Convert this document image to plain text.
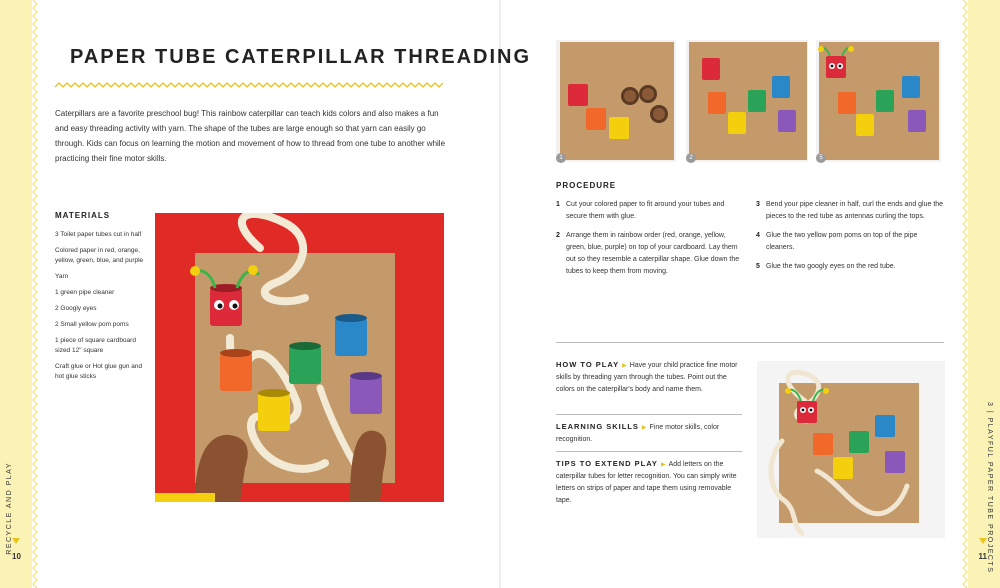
RECYCLE AND PLAY
10	3 | PLAYFUL PAPER TUBE PROJECTS
11
PAPER TUBE CATERPILLAR THREADING

Caterpillars are a favorite preschool bug! This rainbow caterpillar can teach kids colors and also makes a fun and easy threading activity with yarn. The shape of the tubes are large enough so that yarn can easily go through. Kids can focus on learning the motion and movement of how to thread from one tube to another while practicing their fine motor skills.

MATERIALS
3 Toilet paper tubes cut in half
Colored paper in red, orange, yellow, green, blue, and purple
Yarn
1 green pipe cleaner
2 Googly eyes
2 Small yellow pom poms
1 piece of square cardboard sized 12" square
Craft glue or Hot glue gun and hot glue sticks
1	2	5
PROCEDURE
1 Cut your colored paper to fit around your tubes and secure them with glue.
2 Arrange them in rainbow order (red, orange, yellow, green, blue, purple) on top of your cardboard. Lay them out so they resemble a caterpillar shape. Glue down the tubes to keep them from moving.
3 Bend your pipe cleaner in half, curl the ends and glue the pieces to the red tube as antennas curling the tops.
4 Glue the two yellow pom poms on top of the pipe cleaners.
5 Glue the two googly eyes on the red tube.

HOW TO PLAY ▶ Have your child practice fine motor skills by threading yarn through the tubes. Point out the colors on the caterpillar's body and name them.

LEARNING SKILLS ▶ Fine motor skills, color recognition.

TIPS TO EXTEND PLAY ▶ Add letters on the caterpillar tubes for letter recognition. You can simply write letters on strips of paper and tape them using removable tape.
